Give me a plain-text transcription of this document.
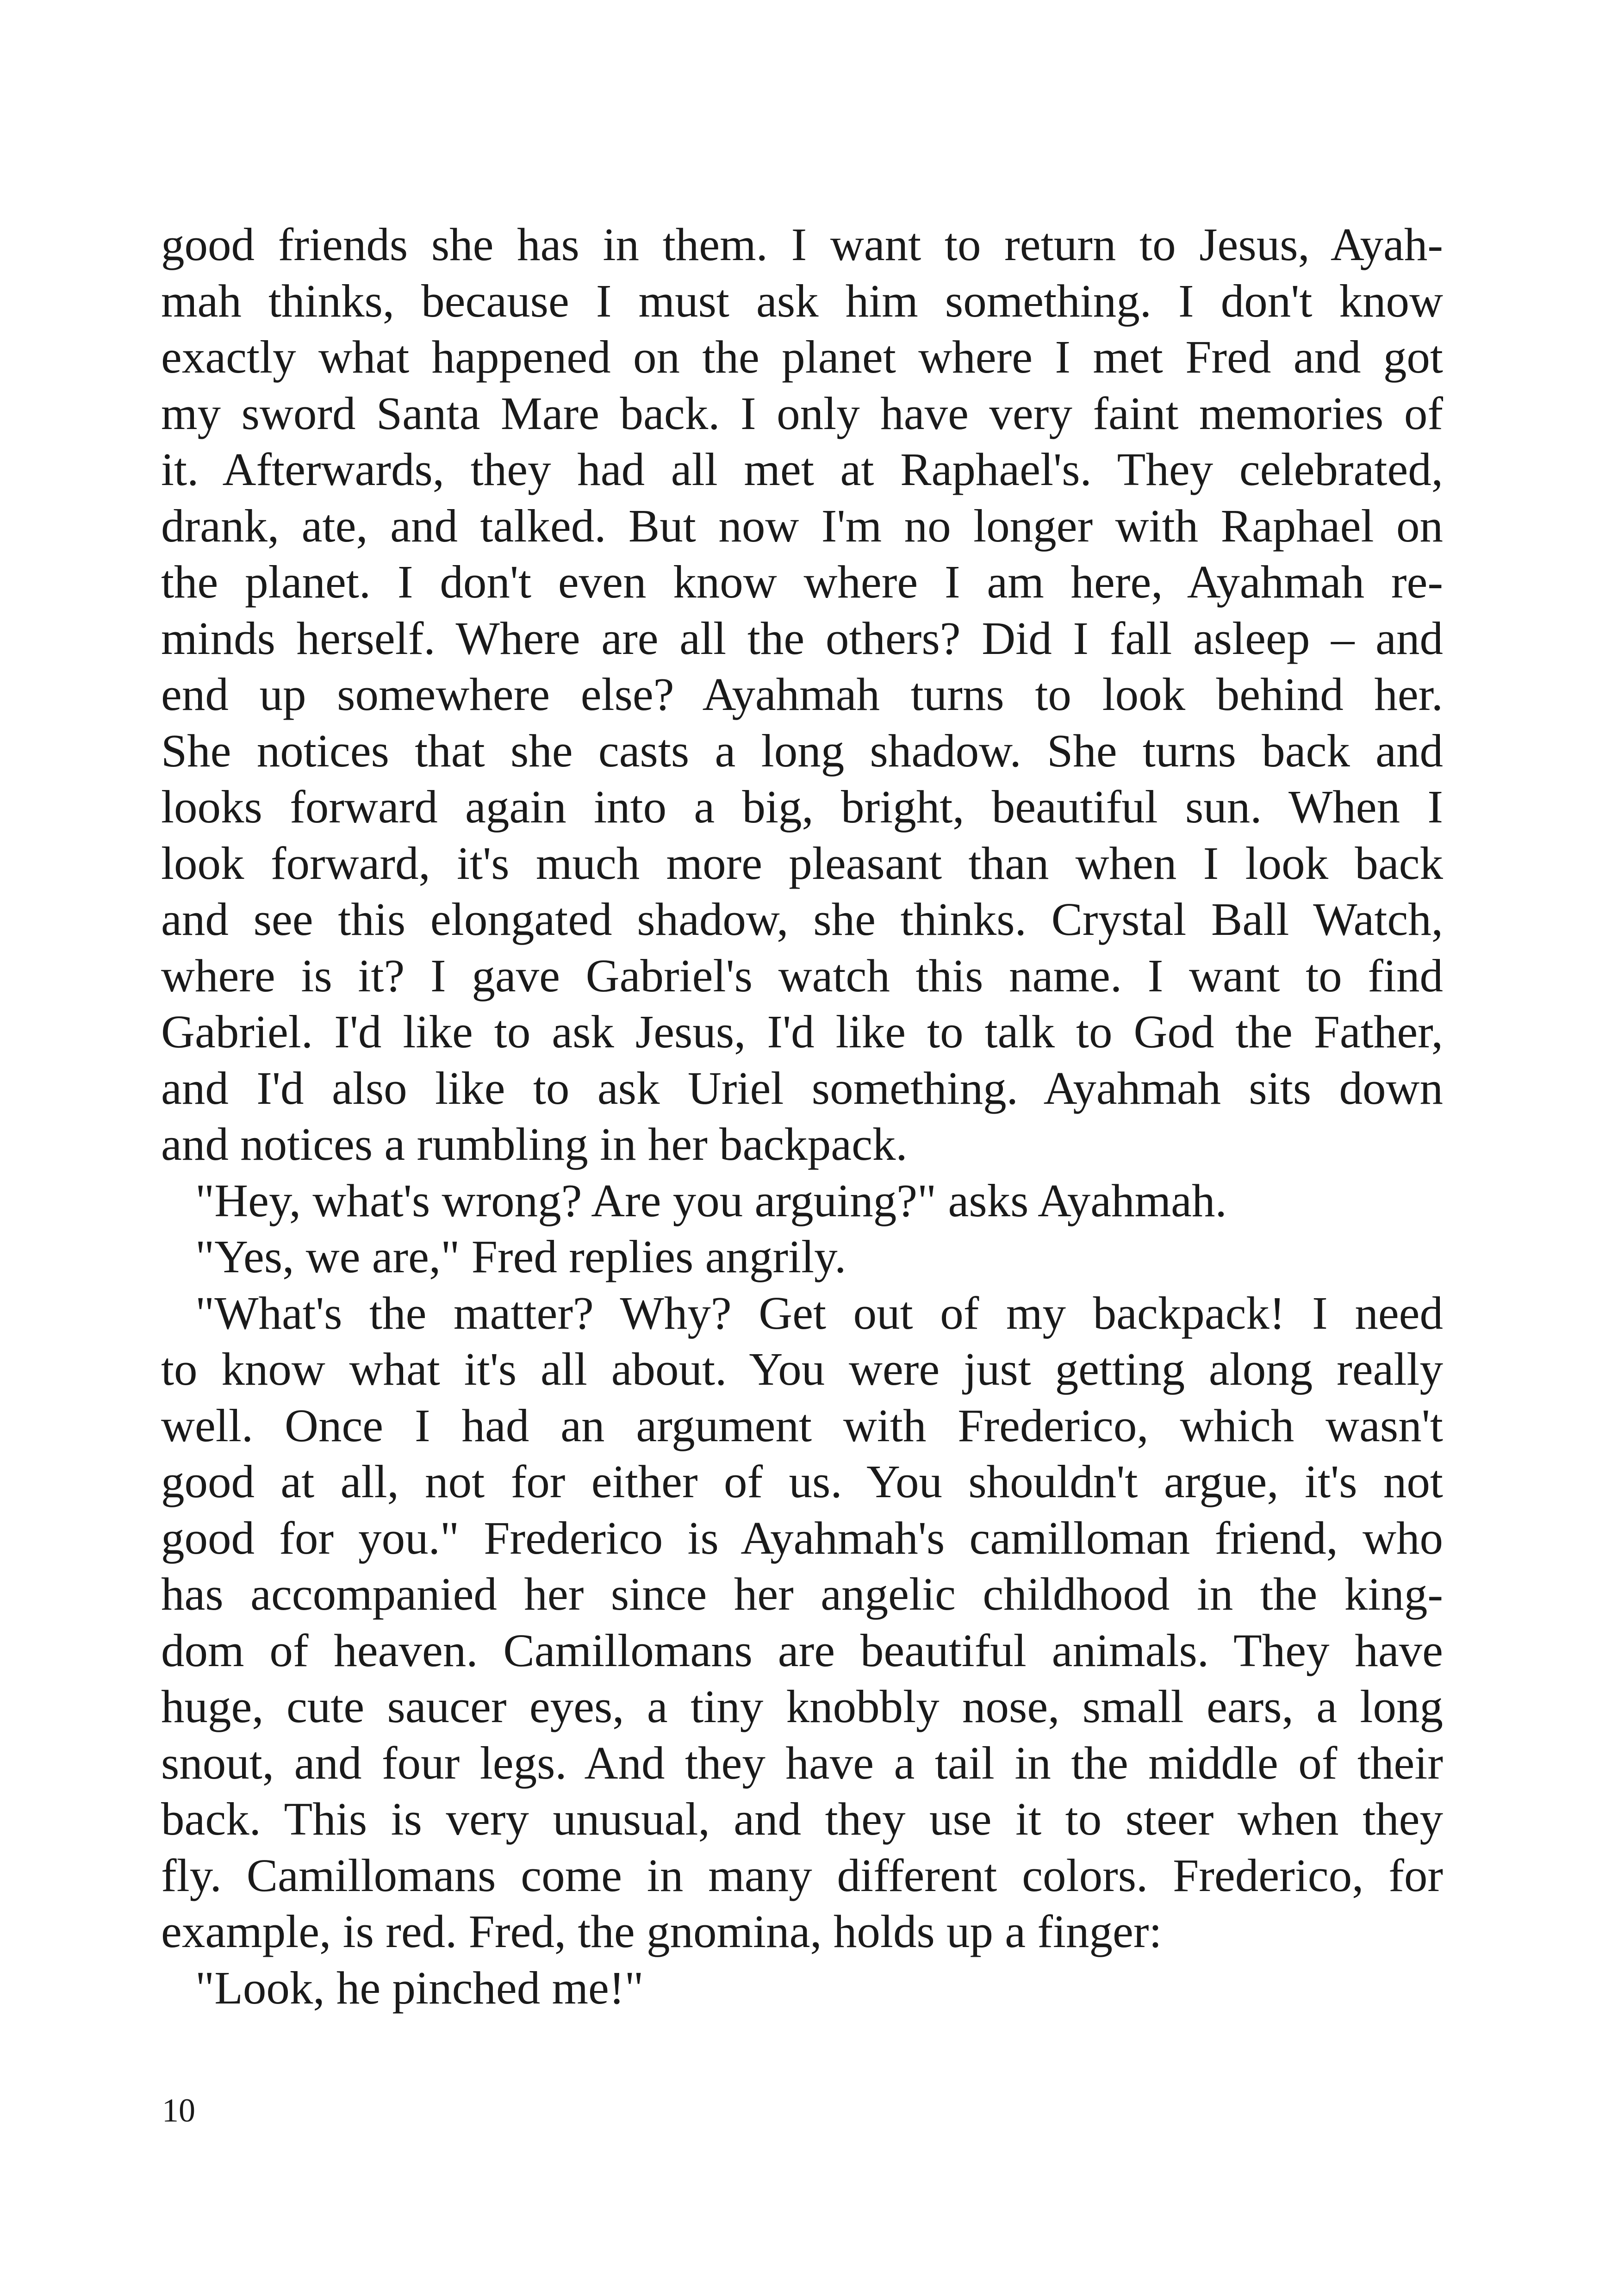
good friends she has in them. I want to return to Jesus, Ayah-
mah thinks, because I must ask him something. I don't know
exactly what happened on the planet where I met Fred and got
my sword Santa Mare back. I only have very faint memories of
it. Afterwards, they had all met at Raphael's. They celebrated,
drank, ate, and talked. But now I'm no longer with Raphael on
the planet. I don't even know where I am here, Ayahmah re-
minds herself. Where are all the others? Did I fall asleep – and
end up somewhere else? Ayahmah turns to look behind her.
She notices that she casts a long shadow. She turns back and
looks forward again into a big, bright, beautiful sun. When I
look forward, it's much more pleasant than when I look back
and see this elongated shadow, she thinks. Crystal Ball Watch,
where is it? I gave Gabriel's watch this name. I want to find
Gabriel. I'd like to ask Jesus, I'd like to talk to God the Father,
and I'd also like to ask Uriel something. Ayahmah sits down
and notices a rumbling in her backpack.
"Hey, what's wrong? Are you arguing?" asks Ayahmah.
"Yes, we are," Fred replies angrily.
"What's the matter? Why? Get out of my backpack! I need
to know what it's all about. You were just getting along really
well. Once I had an argument with Frederico, which wasn't
good at all, not for either of us. You shouldn't argue, it's not
good for you." Frederico is Ayahmah's camilloman friend, who
has accompanied her since her angelic childhood in the king-
dom of heaven. Camillomans are beautiful animals. They have
huge, cute saucer eyes, a tiny knobbly nose, small ears, a long
snout, and four legs. And they have a tail in the middle of their
back. This is very unusual, and they use it to steer when they
fly. Camillomans come in many different colors. Frederico, for
example, is red. Fred, the gnomina, holds up a finger:
"Look, he pinched me!"
10
